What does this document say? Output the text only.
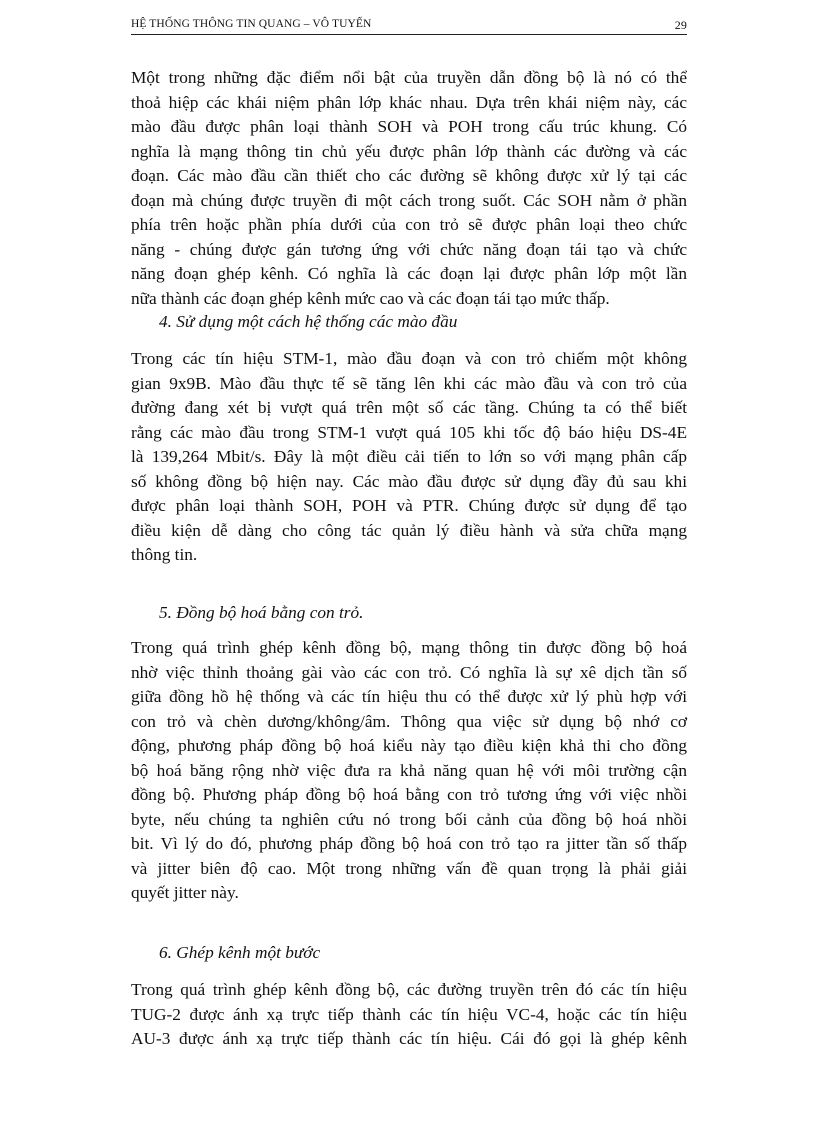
HỆ THỐNG THÔNG TIN QUANG – VÔ TUYẾN	29
Một trong những đặc điểm nổi bật của truyền dẫn đồng bộ là nó có thể
thoả hiệp các khái niệm phân lớp khác nhau. Dựa trên khái niệm này, các
mào đầu được phân loại thành SOH và POH trong cấu trúc khung. Có
nghĩa là mạng thông tin chủ yếu được phân lớp thành các đường và các
đoạn. Các mào đầu cần thiết cho các đường sẽ không được xử lý tại các
đoạn mà chúng được truyền đi một cách trong suốt. Các SOH nằm ở phần
phía trên hoặc phần phía dưới của con trỏ sẽ được phân loại theo chức
năng - chúng được gán tương ứng với chức năng đoạn tái tạo và chức
năng đoạn ghép kênh. Có nghĩa là các đoạn lại được phân lớp một lần
nữa thành các đoạn ghép kênh mức cao và các đoạn tái tạo mức thấp.
4. Sử dụng một cách hệ thống các mào đầu
Trong các tín hiệu STM-1, mào đầu đoạn và con trỏ chiếm một không
gian 9x9B. Mào đầu thực tế sẽ tăng lên khi các mào đầu và con trỏ của
đường đang xét bị vượt quá trên một số các tầng. Chúng ta có thể biết
rằng các mào đầu trong STM-1 vượt quá 105 khi tốc độ báo hiệu DS-4E
là 139,264 Mbit/s. Đây là một điều cải tiến to lớn so với mạng phân cấp
số không đồng bộ hiện nay. Các mào đầu được sử dụng đầy đủ sau khi
được phân loại thành SOH, POH và PTR. Chúng được sử dụng để tạo
điều kiện dễ dàng cho công tác quản lý điều hành và sửa chữa mạng
thông tin.
5. Đồng bộ hoá bằng con trỏ.
Trong quá trình ghép kênh đồng bộ, mạng thông tin được đồng bộ hoá
nhờ việc thỉnh thoảng gài vào các con trỏ. Có nghĩa là sự xê dịch tần số
giữa đồng hồ hệ thống và các tín hiệu thu có thể được xử lý phù hợp với
con trỏ và chèn dương/không/âm. Thông qua việc sử dụng bộ nhớ cơ
động, phương pháp đồng bộ hoá kiểu này tạo điều kiện khả thi cho đồng
bộ hoá băng rộng nhờ việc đưa ra khả năng quan hệ với môi trường cận
đồng bộ. Phương pháp đồng bộ hoá bằng con trỏ tương ứng với việc nhồi
byte, nếu chúng ta nghiên cứu nó trong bối cảnh của đồng bộ hoá nhồi
bit. Vì lý do đó, phương pháp đồng bộ hoá con trỏ tạo ra jitter tần số thấp
và jitter biên độ cao. Một trong những vấn đề quan trọng là phải giải
quyết jitter này.
6. Ghép kênh một bước
Trong quá trình ghép kênh đồng bộ, các đường truyền trên đó các tín hiệu
TUG-2 được ánh xạ trực tiếp thành các tín hiệu VC-4, hoặc các tín hiệu
AU-3 được ánh xạ trực tiếp thành các tín hiệu. Cái đó gọi là ghép kênh
